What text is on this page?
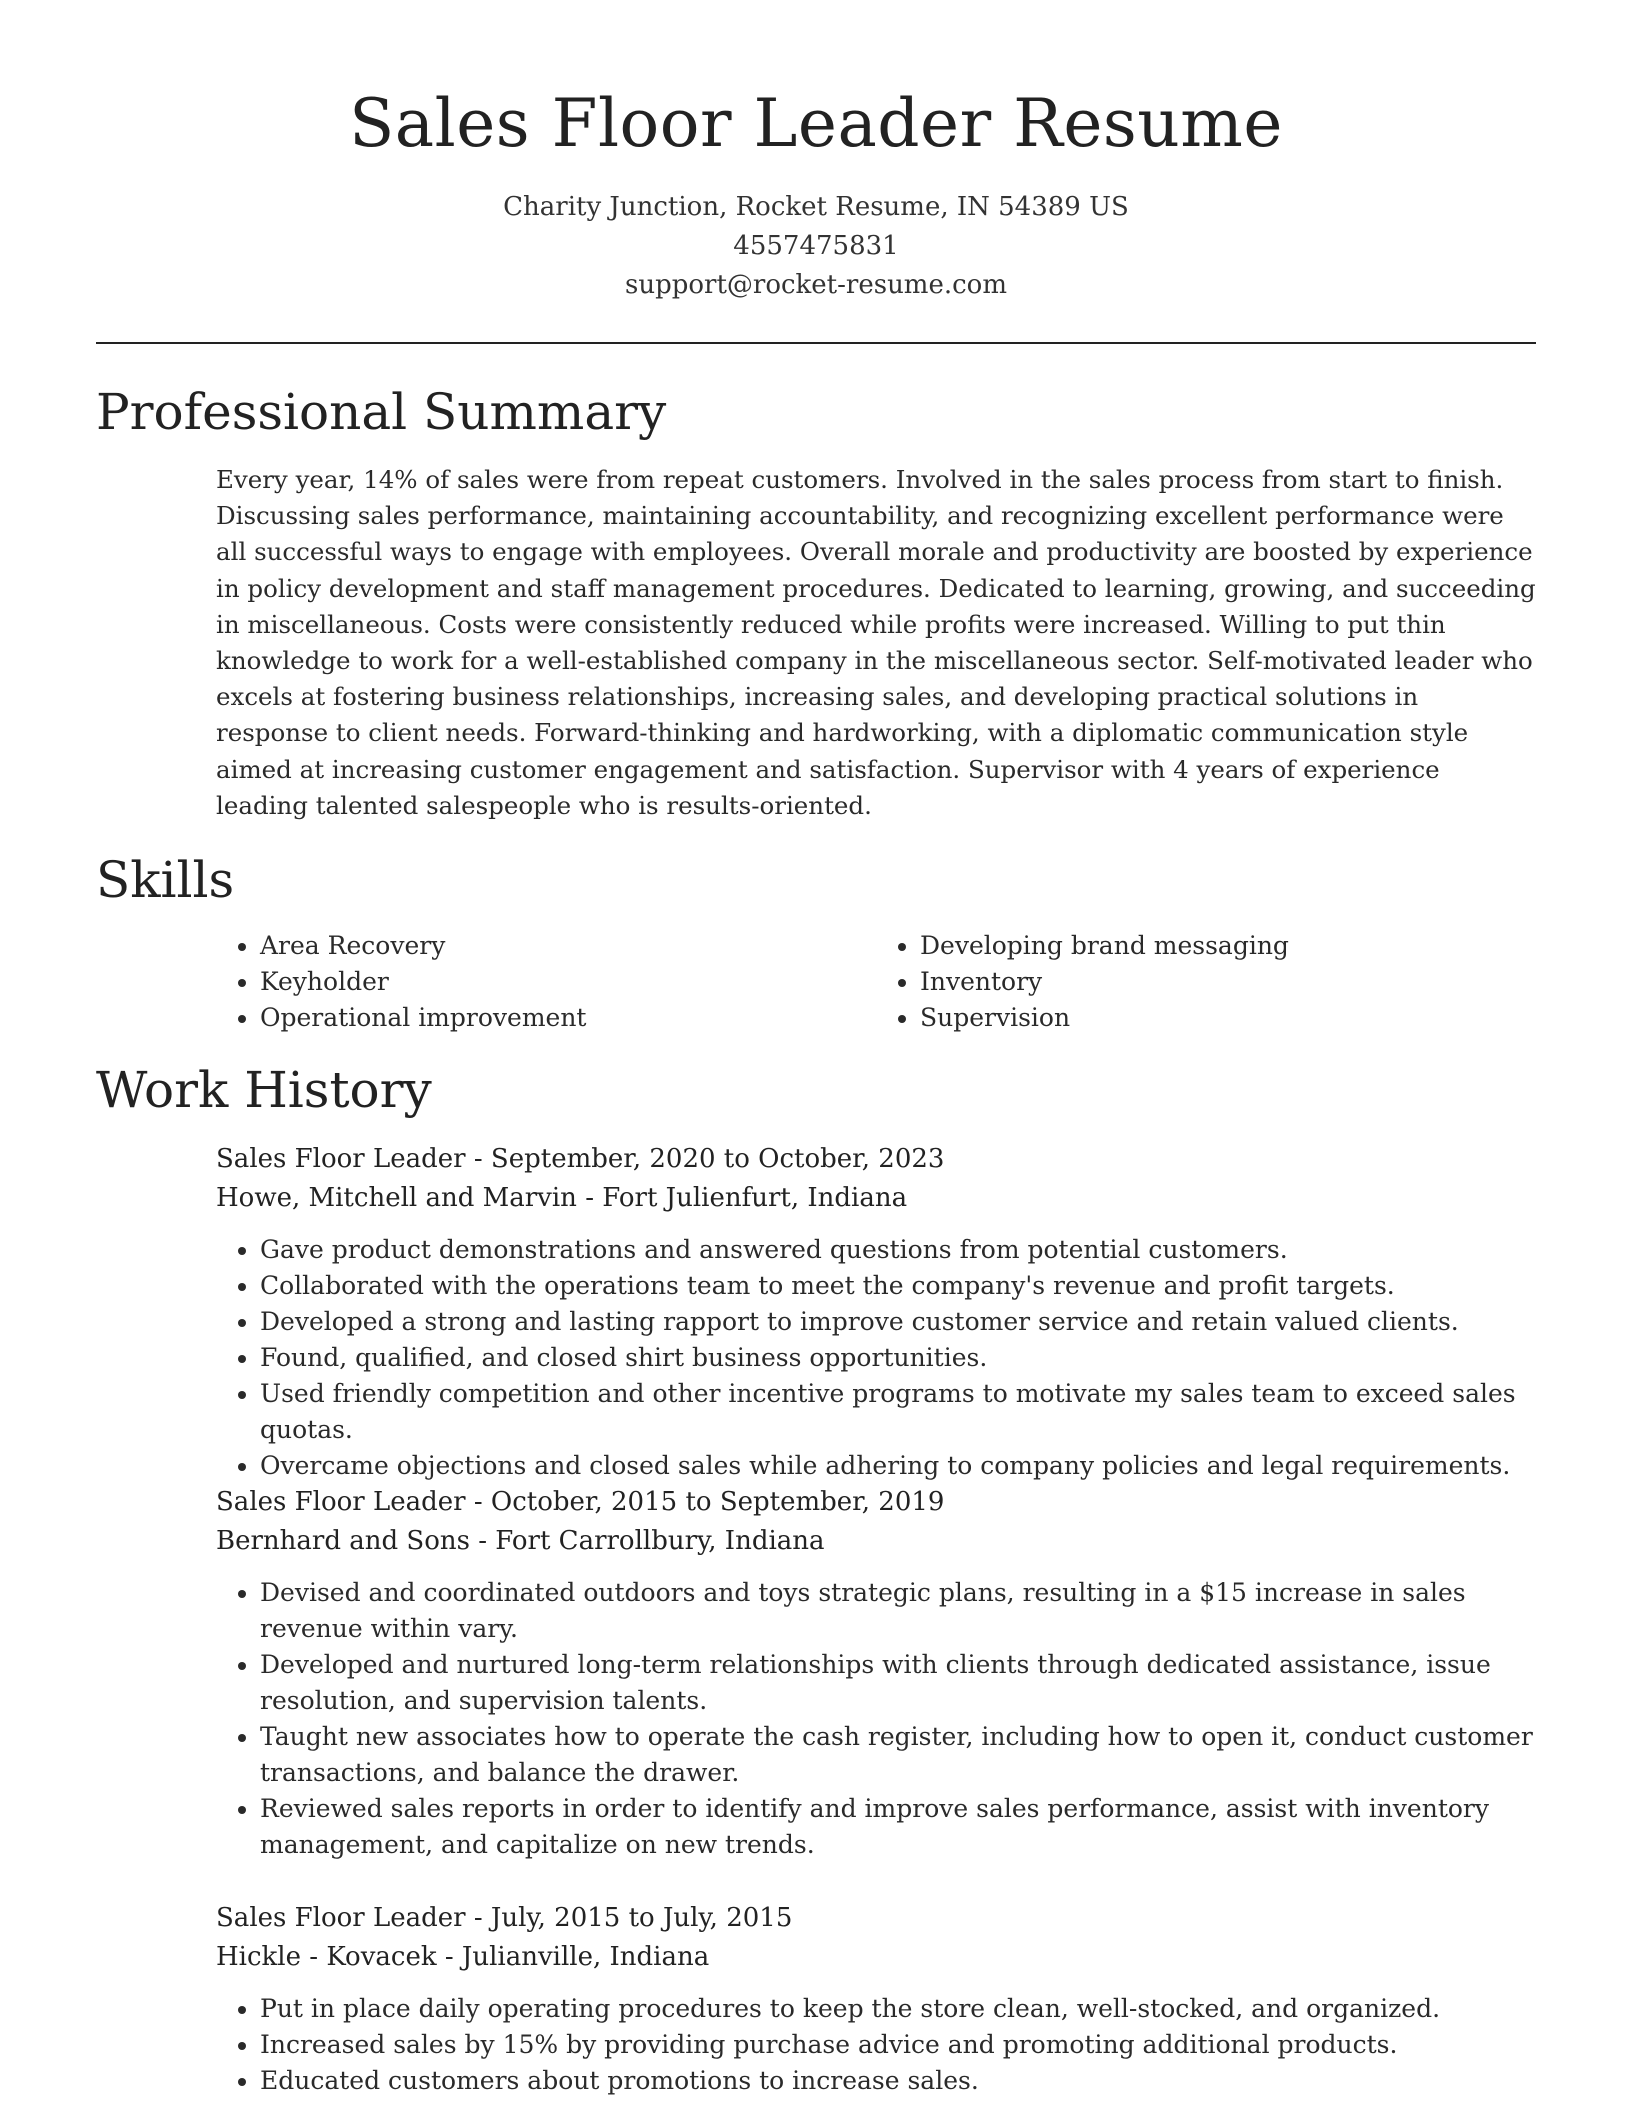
Sales Floor Leader Resume
Charity Junction, Rocket Resume, IN 54389 US
4557475831
support@rocket-resume.com
Professional Summary

Every year, 14% of sales were from repeat customers. Involved in the sales process from start to finish. Discussing sales performance, maintaining accountability, and recognizing excellent performance were all successful ways to engage with employees. Overall morale and productivity are boosted by experience in policy development and staff management procedures. Dedicated to learning, growing, and succeeding in miscellaneous. Costs were consistently reduced while profits were increased. Willing to put thin knowledge to work for a well-established company in the miscellaneous sector. Self-motivated leader who excels at fostering business relationships, increasing sales, and developing practical solutions in response to client needs. Forward-thinking and hardworking, with a diplomatic communication style aimed at increasing customer engagement and satisfaction. Supervisor with 4 years of experience leading talented salespeople who is results-oriented.

Skills
• Area Recovery
• Keyholder
• Operational improvement
• Developing brand messaging
• Inventory
• Supervision
Work History
Sales Floor Leader - September, 2020 to October, 2023
Howe, Mitchell and Marvin - Fort Julienfurt, Indiana
• Gave product demonstrations and answered questions from potential customers.
• Collaborated with the operations team to meet the company's revenue and profit targets.
• Developed a strong and lasting rapport to improve customer service and retain valued clients.
• Found, qualified, and closed shirt business opportunities.
• Used friendly competition and other incentive programs to motivate my sales team to exceed sales quotas.
• Overcame objections and closed sales while adhering to company policies and legal requirements.
Sales Floor Leader - October, 2015 to September, 2019
Bernhard and Sons - Fort Carrollbury, Indiana
• Devised and coordinated outdoors and toys strategic plans, resulting in a $15 increase in sales revenue within vary.
• Developed and nurtured long-term relationships with clients through dedicated assistance, issue resolution, and supervision talents.
• Taught new associates how to operate the cash register, including how to open it, conduct customer transactions, and balance the drawer.
• Reviewed sales reports in order to identify and improve sales performance, assist with inventory management, and capitalize on new trends.
Sales Floor Leader - July, 2015 to July, 2015
Hickle - Kovacek - Julianville, Indiana
• Put in place daily operating procedures to keep the store clean, well-stocked, and organized.
• Increased sales by 15% by providing purchase advice and promoting additional products.
• Educated customers about promotions to increase sales.
